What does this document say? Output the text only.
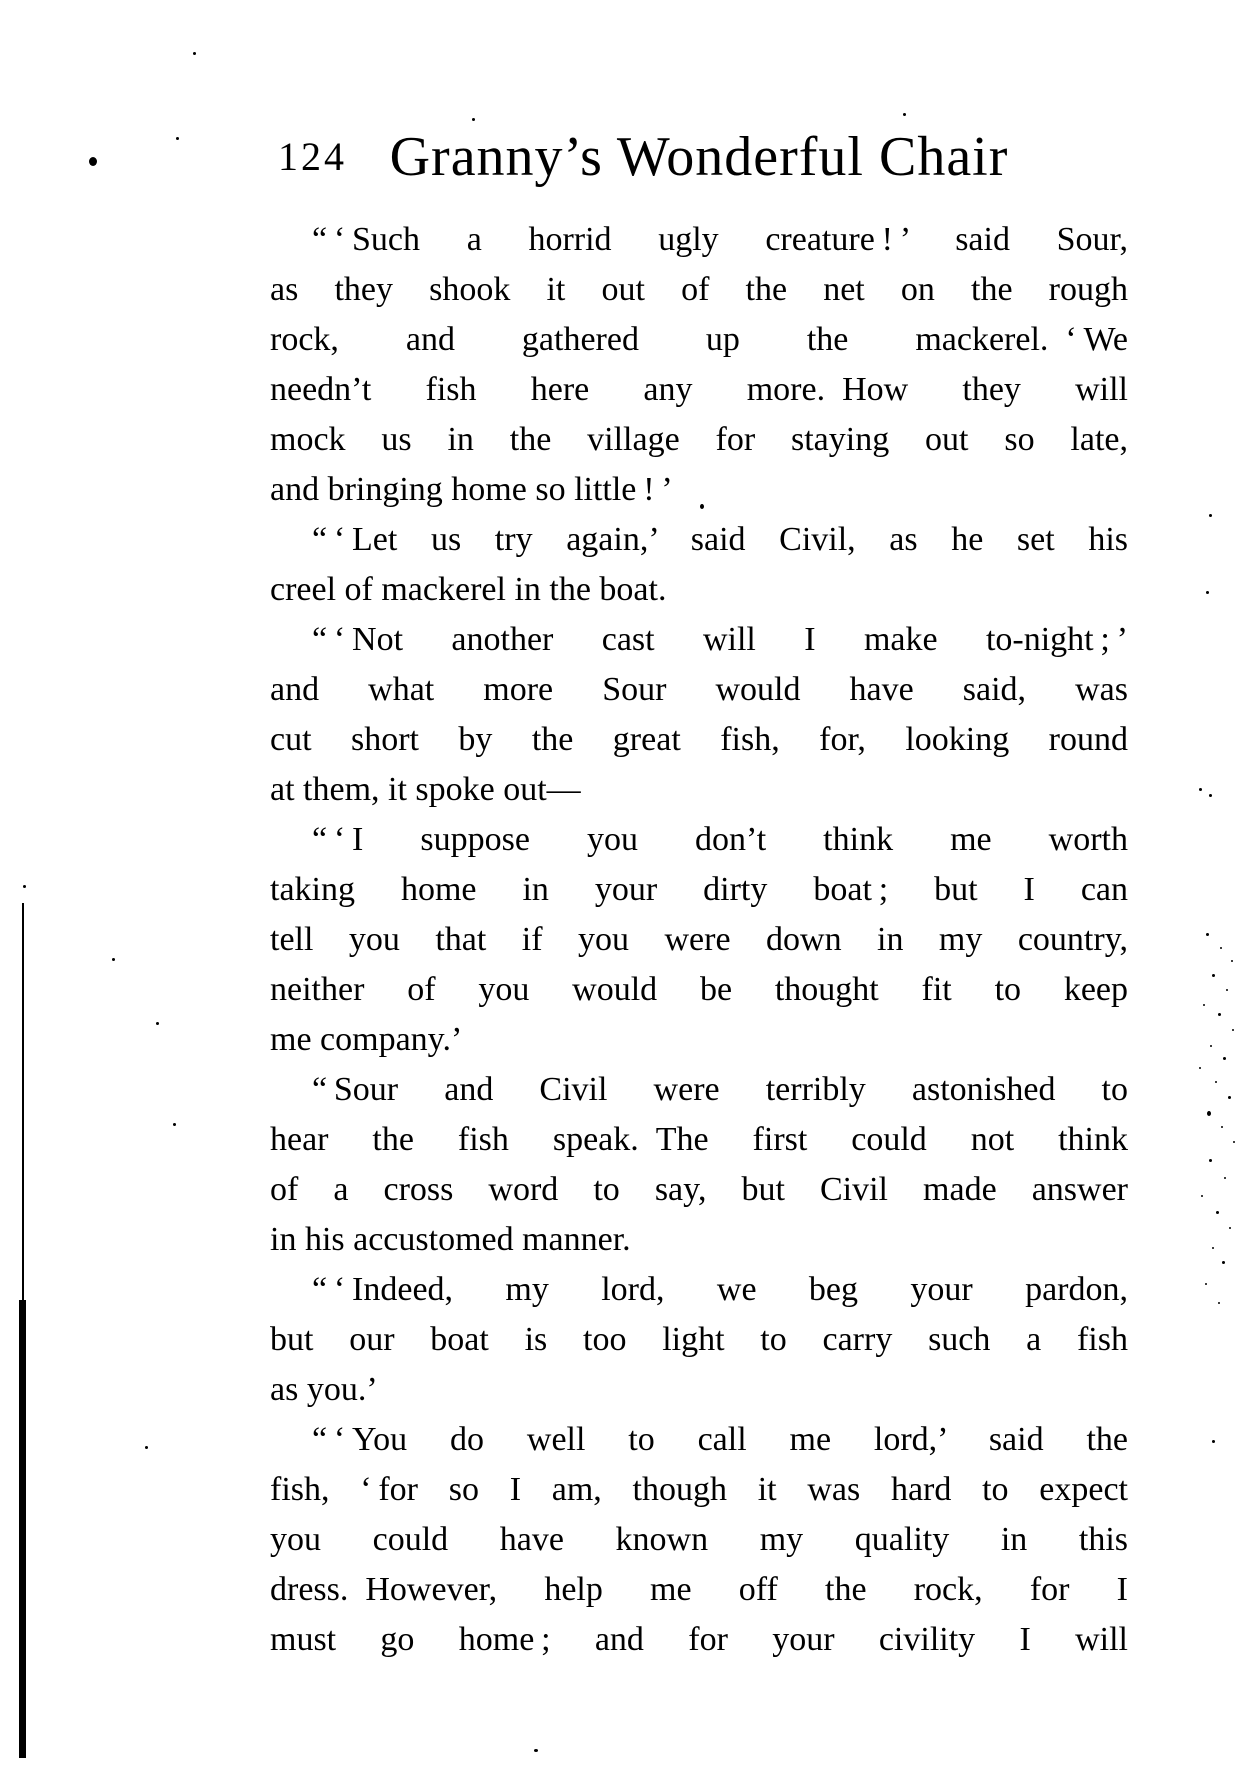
124 Granny’s Wonderful Chair
“ ‘ Such a horrid ugly creature ! ’ said Sour,
as they shook it out of the net on the rough
rock, and gathered up the mackerel. ‘ We
needn’t fish here any more. How they will
mock us in the village for staying out so late,
and bringing home so little ! ’
“ ‘ Let us try again,’ said Civil, as he set his
creel of mackerel in the boat.
“ ‘ Not another cast will I make to-night ; ’
and what more Sour would have said, was
cut short by the great fish, for, looking round
at them, it spoke out—
“ ‘ I suppose you don’t think me worth
taking home in your dirty boat ; but I can
tell you that if you were down in my country,
neither of you would be thought fit to keep
me company.’
“ Sour and Civil were terribly astonished to
hear the fish speak. The first could not think
of a cross word to say, but Civil made answer
in his accustomed manner.
“ ‘ Indeed, my lord, we beg your pardon,
but our boat is too light to carry such a fish
as you.’
“ ‘ You do well to call me lord,’ said the
fish, ‘ for so I am, though it was hard to expect
you could have known my quality in this
dress. However, help me off the rock, for I
must go home ; and for your civility I will
